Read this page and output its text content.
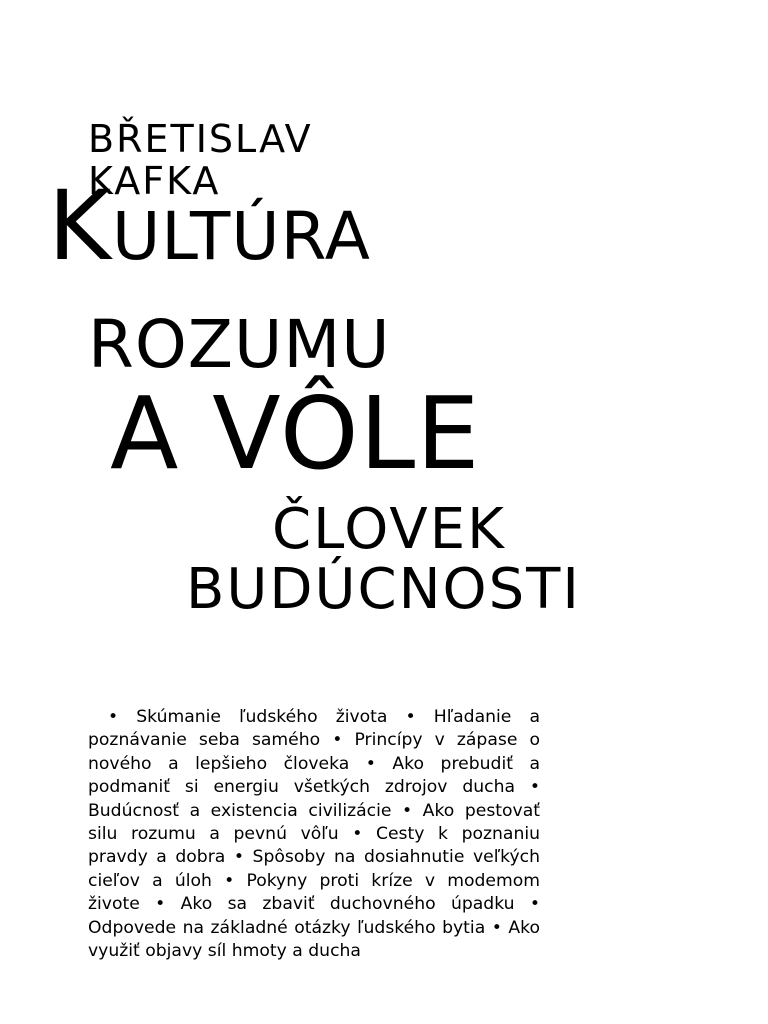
BŘETISLAV
KAFKA
KULTÚRA
ROZUMU
A VÔLE
ČLOVEK
BUDÚCNOSTI

• Skúmanie ľudského života • Hľadanie a poznávanie seba samého • Princípy v zápase o nového a lepšieho človeka • Ako prebudiť a podmaniť si energiu všetkých zdrojov ducha • Budúcnosť a existencia civilizácie • Ako pestovať silu rozumu a pevnú vôľu • Cesty k poznaniu pravdy a dobra • Spôsoby na dosiahnutie veľkých cieľov a úloh • Pokyny proti kríze v modemom živote • Ako sa zbaviť duchovného úpadku • Odpovede na základné otázky ľudského bytia • Ako využiť objavy síl hmoty a ducha
